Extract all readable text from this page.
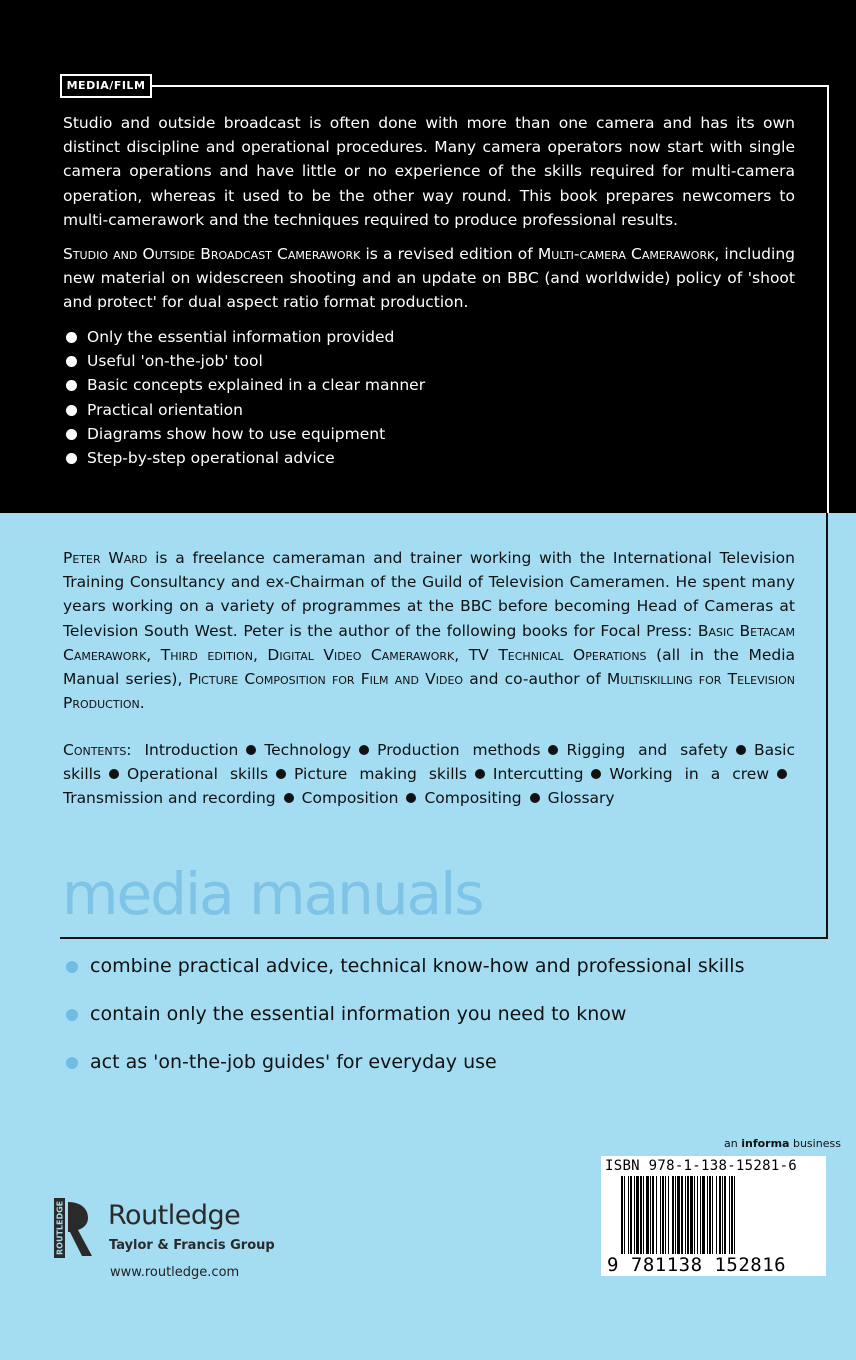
MEDIA/FILM
Studio and outside broadcast is often done with more than one camera and has its own distinct discipline and operational procedures. Many camera operators now start with single camera operations and have little or no experience of the skills required for multi-camera operation, whereas it used to be the other way round. This book prepares newcomers to multi-camerawork and the techniques required to produce professional results.
Studio and Outside Broadcast Camerawork is a revised edition of Multi-camera Camerawork, including new material on widescreen shooting and an update on BBC (and worldwide) policy of 'shoot and protect' for dual aspect ratio format production.
Only the essential information provided
Useful 'on-the-job' tool
Basic concepts explained in a clear manner
Practical orientation
Diagrams show how to use equipment
Step-by-step operational advice
Peter Ward is a freelance cameraman and trainer working with the International Television Training Consultancy and ex-Chairman of the Guild of Television Cameramen. He spent many years working on a variety of programmes at the BBC before becoming Head of Cameras at Television South West. Peter is the author of the following books for Focal Press: Basic Betacam Camerawork, Third edition, Digital Video Camerawork, TV Technical Operations (all in the Media Manual series), Picture Composition for Film and Video and co-author of Multiskilling for Television Production.
Contents: Introduction Technology Production methods Rigging and safety Basic skills Operational skills Picture making skills Intercutting Working in a crewTransmission and recording Composition Compositing Glossary
media manuals
combine practical advice, technical know-how and professional skills
contain only the essential information you need to know
act as 'on-the-job guides' for everyday use
an informa business
ISBN 978-1-138-15281-6
9 781138 152816
ROUTLEDGE Routledge
Taylor & Francis Group
www.routledge.com
